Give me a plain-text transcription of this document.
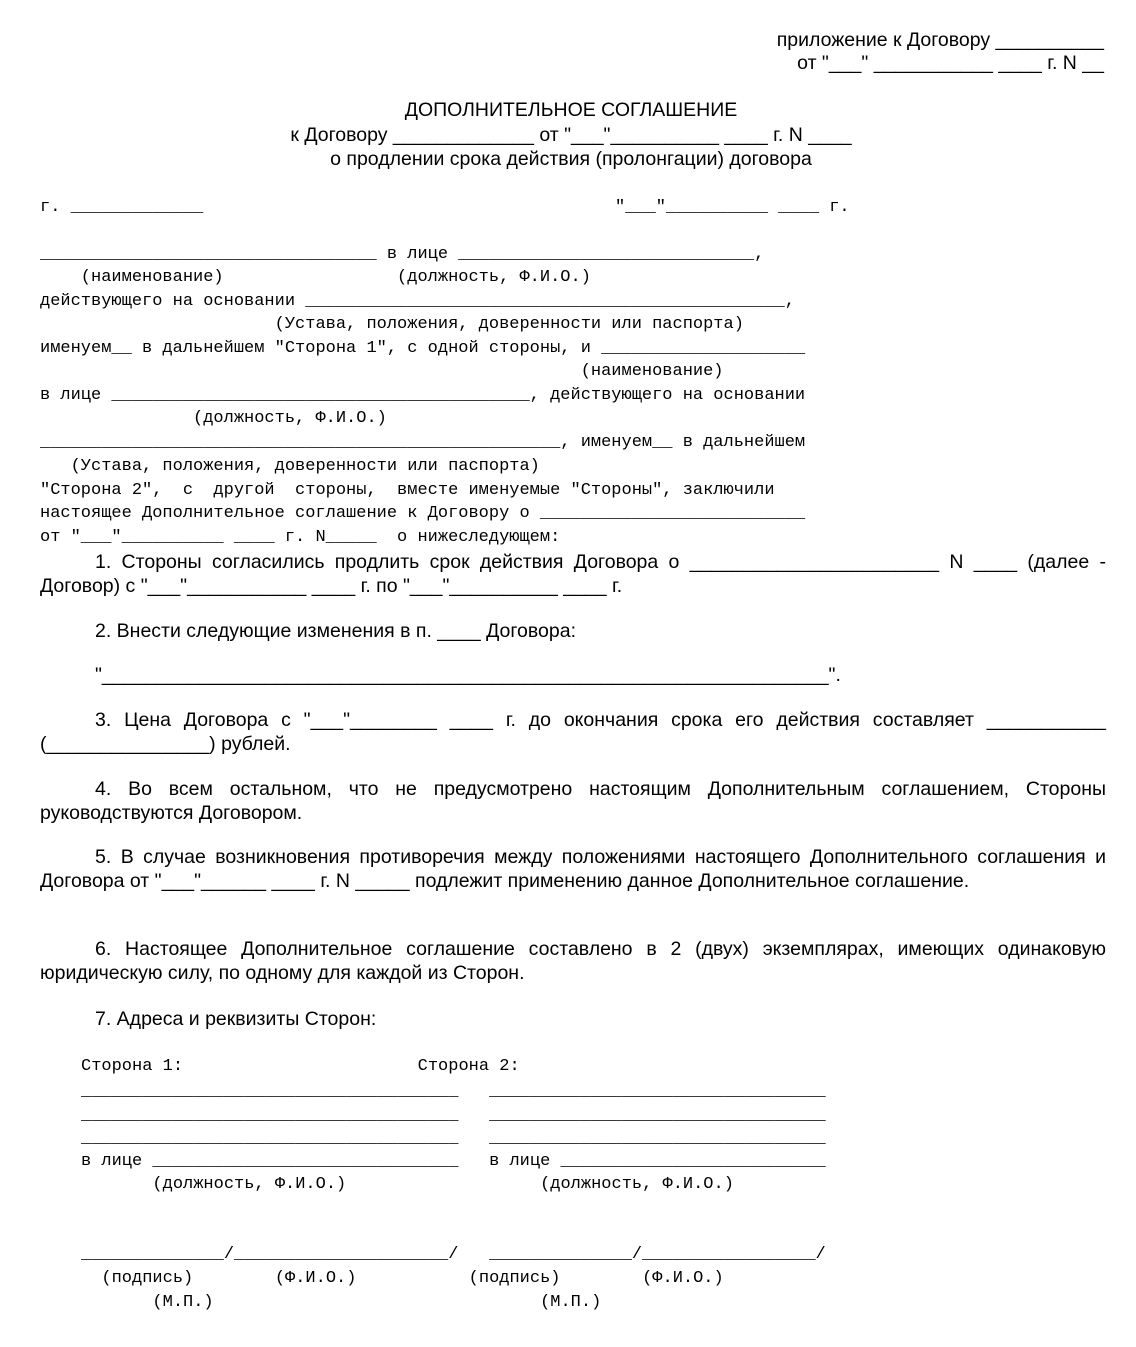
приложение к Договору __________
от "___" ___________ ____ г. N __
ДОПОЛНИТЕЛЬНОЕ СОГЛАШЕНИЕ
к Договору _____________ от "___"__________ ____ г. N ____
о продлении срока действия (пролонгации) договора
г. _____________	"___"__________ ____ г.
_________________________________ в лице _____________________________,
(наименование)                 (должность, Ф.И.О.)
действующего на основании _______________________________________________,
(Устава, положения, доверенности или паспорта)
именуем__ в дальнейшем "Сторона 1", с одной стороны, и ____________________
(наименование)
в лице _________________________________________, действующего на основании
(должность, Ф.И.О.)
___________________________________________________, именуем__ в дальнейшем
(Устава, положения, доверенности или паспорта)
"Сторона 2",  с  другой  стороны,  вместе именуемые "Стороны", заключили
настоящее Дополнительное соглашение к Договору о __________________________
от "___"__________ ____ г. N_____  о нижеследующем:
1. Стороны согласились продлить срок действия Договора о _______________________ N ____ (далее - Договор) с "___"___________ ____ г. по "___"__________ ____ г.
2. Внести следующие изменения в п. ____ Договора:
"___________________________________________________________________".
3. Цена Договора с "___"________ ____ г. до окончания срока его действия составляет ___________ (_______________) рублей.
4. Во всем остальном, что не предусмотрено настоящим Дополнительным соглашением, Стороны руководствуются Договором.
5. В случае возникновения противоречия между положениями настоящего Дополнительного соглашения и Договора от "___"______ ____ г. N _____ подлежит применению данное Дополнительное соглашение.
6. Настоящее Дополнительное соглашение составлено в 2 (двух) экземплярах, имеющих одинаковую юридическую силу, по одному для каждой из Сторон.
7. Адреса и реквизиты Сторон:
Сторона 1:                       Сторона 2:
_____________________________________   _________________________________
_____________________________________   _________________________________
_____________________________________   _________________________________
в лице ______________________________   в лице __________________________
(должность, Ф.И.О.)                   (должность, Ф.И.О.)
______________/_____________________/   ______________/_________________/
(подпись)        (Ф.И.О.)           (подпись)        (Ф.И.О.)
(М.П.)                                (М.П.)
